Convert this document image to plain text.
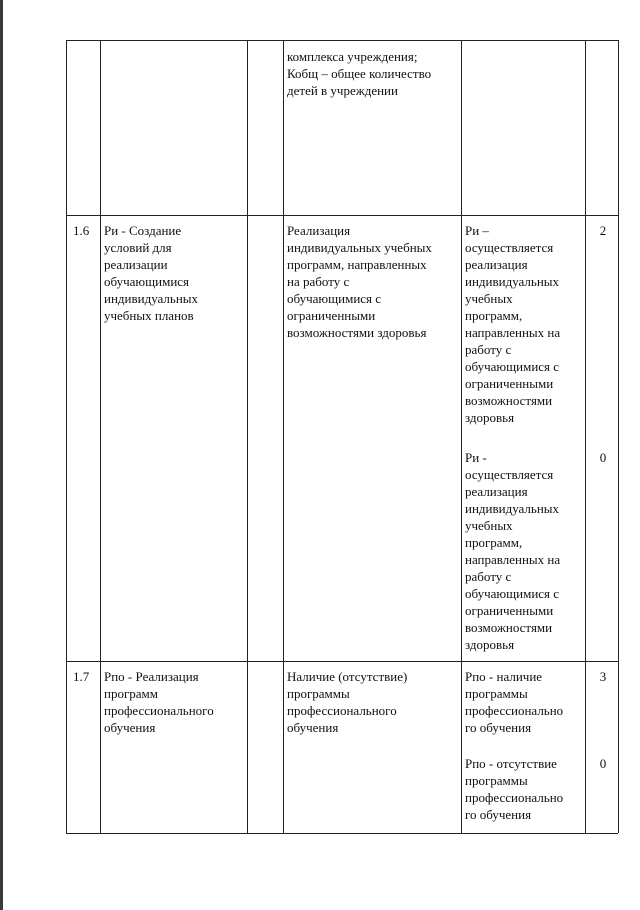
комплекса учреждения;
Кобщ – общее количество
детей в учреждении

1.6 Ри - Создание
условий для
реализации
обучающимися
индивидуальных
учебных планов

Реализация
индивидуальных учебных
программ, направленных
на работу с
обучающимися с
ограниченными
возможностями здоровья

Ри –
осуществляется
реализация
индивидуальных
учебных
программ,
направленных на
работу с
обучающимися с
ограниченными
возможностями
здоровья

2

Ри -
осуществляется
реализация
индивидуальных
учебных
программ,
направленных на
работу с
обучающимися с
ограниченными
возможностями
здоровья

0

1.7 Рпо - Реализация
программ
профессионального
обучения

Наличие (отсутствие)
программы
профессионального
обучения

Рпо - наличие
программы
профессионально
го обучения

3

Рпо - отсутствие
программы
профессионально
го обучения

0
